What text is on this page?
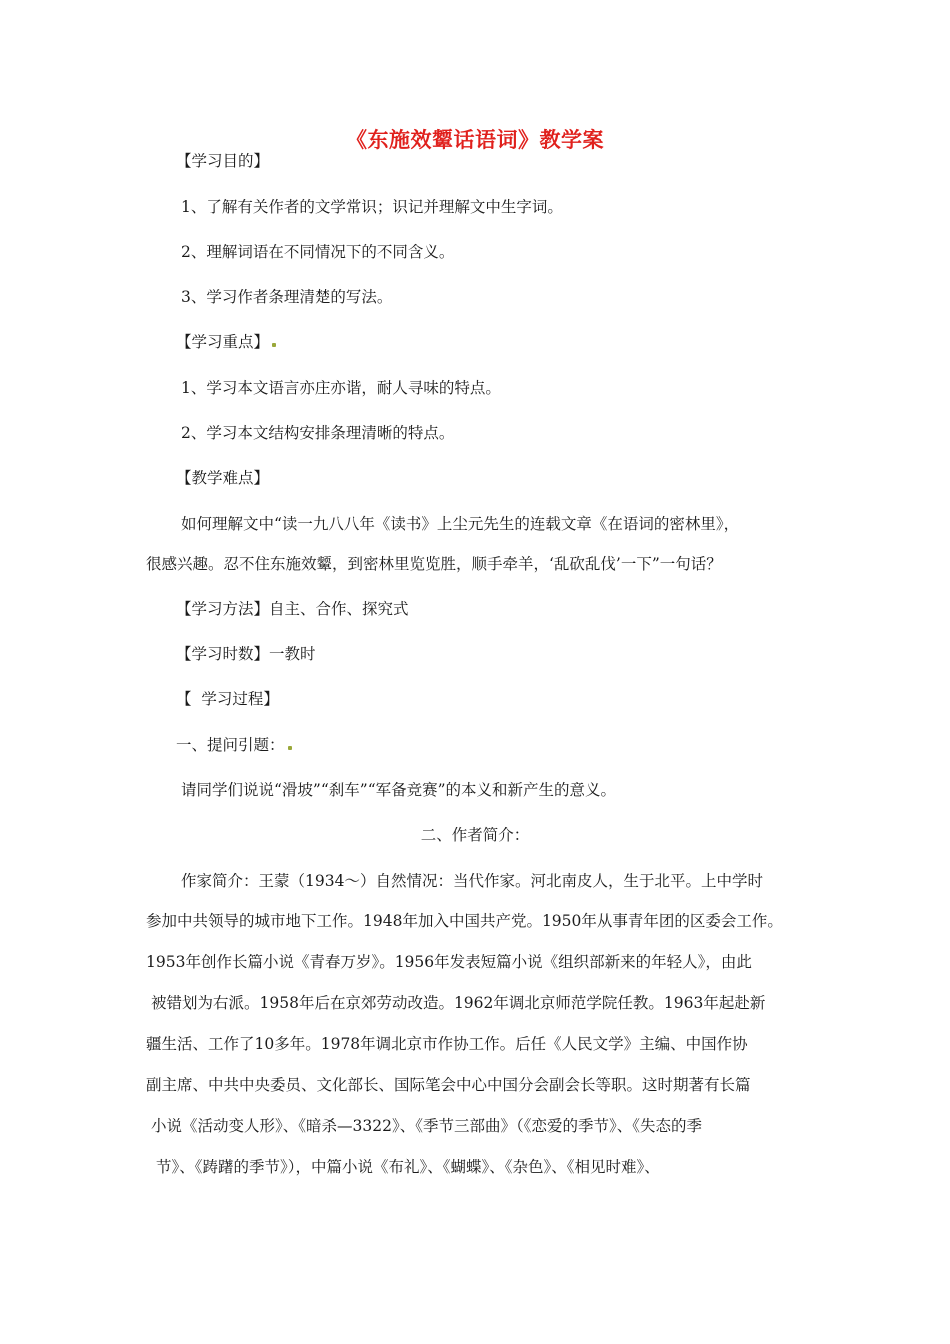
《东施效颦话语词》教学案
【学习目的】
1、了解有关作者的文学常识；识记并理解文中生字词。
2、理解词语在不同情况下的不同含义。
3、学习作者条理清楚的写法。
【学习重点】
1、学习本文语言亦庄亦谐，耐人寻味的特点。
2、学习本文结构安排条理清晰的特点。
【教学难点】
如何理解文中“读一九八八年《读书》上尘元先生的连载文章《在语词的密林里》，
很感兴趣。忍不住东施效颦，到密林里览览胜，顺手牵羊，‘乱砍乱伐’一下”一句话？
【学习方法】自主、合作、探究式
【学习时数】一教时
【  学习过程】
一、提问引题：
请同学们说说“滑坡”“刹车”“军备竞赛”的本义和新产生的意义。
二、作者简介：

作家简介：王蒙（1934～）自然情况：当代作家。河北南皮人，生于北平。上中学时

参加中共领导的城市地下工作。1948年加入中国共产党。1950年从事青年团的区委会工作。

1953年创作长篇小说《青春万岁》。1956年发表短篇小说《组织部新来的年轻人》，由此

被错划为右派。1958年后在京郊劳动改造。1962年调北京师范学院任教。1963年起赴新

疆生活、工作了10多年。1978年调北京市作协工作。后任《人民文学》主编、中国作协

副主席、中共中央委员、文化部长、国际笔会中心中国分会副会长等职。这时期著有长篇

小说《活动变人形》、《暗杀—3322》、《季节三部曲》（《恋爱的季节》、《失态的季

节》、《踌躇的季节》），中篇小说《布礼》、《蝴蝶》、《杂色》、《相见时难》、
